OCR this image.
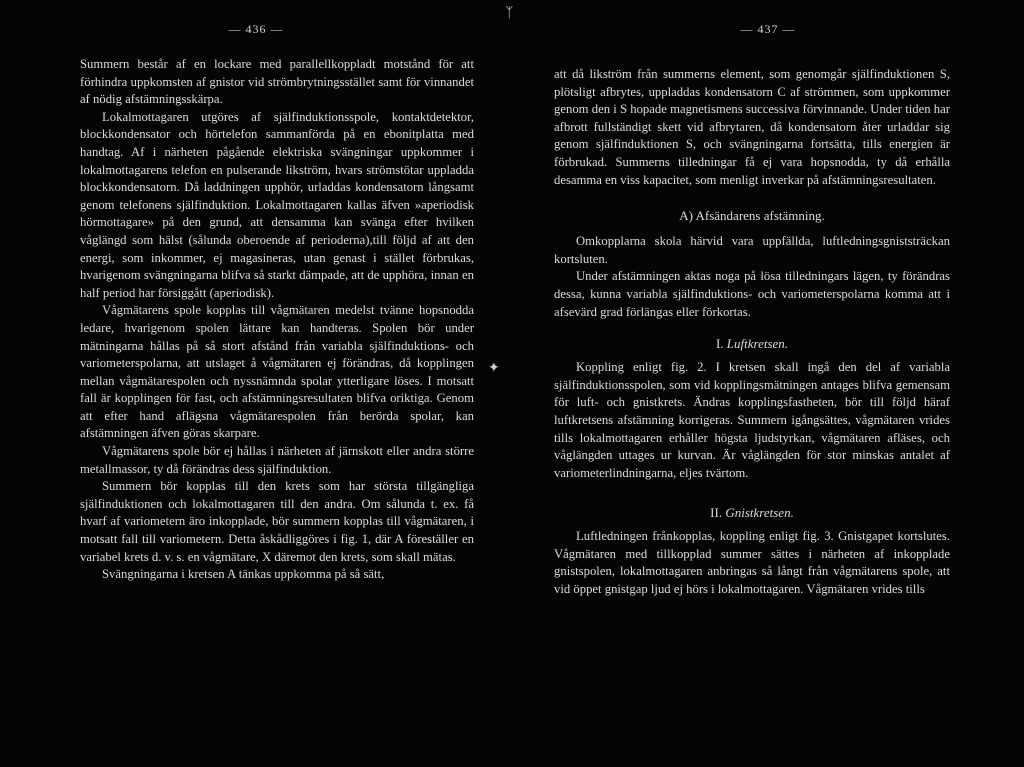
— 436 —

Summern består af en lockare med parallellkoppladt motstånd för att förhindra uppkomsten af gnistor vid strömbrytningsstället samt för vinnandet af nödig afstämningsskärpa.

Lokalmottagaren utgöres af själfinduktionsspole, kontaktdetektor, blockkondensator och hörtelefon sammanförda på en ebonitplatta med handtag. Af i närheten pågående elektriska svängningar uppkommer i lokalmottagarens telefon en pulserande likström, hvars strömstötar uppladda blockkondensatorn. Då laddningen upphör, urladdas kondensatorn långsamt genom telefonens själfinduktion. Lokalmottagaren kallas äfven »aperiodisk hörmottagare» på den grund, att densamma kan svänga efter hvilken våglängd som hälst (sålunda oberoende af perioderna),till följd af att den energi, som inkommer, ej magasineras, utan genast i stället förbrukas, hvarigenom svängningarna blifva så starkt dämpade, att de upphöra, innan en half period har försiggått (aperiodisk).

Vågmätarens spole kopplas till vågmätaren medelst tvänne hopsnodda ledare, hvarigenom spolen lättare kan handteras. Spolen bör under mätningarna hållas på så stort afstånd från variabla själfinduktions- och variometerspolarna, att utslaget å vågmätaren ej förändras, då kopplingen mellan vågmätarespolen och nyssnämnda spolar ytterligare löses. I motsatt fall är kopplingen för fast, och afstämningsresultaten blifva oriktiga. Genom att efter hand aflägsna vågmätarespolen från berörda spolar, kan afstämningen äfven göras skarpare.

Vågmätarens spole bör ej hållas i närheten af järnskott eller andra större metallmassor, ty då förändras dess själfinduktion.

Summern bör kopplas till den krets som har största tillgängliga själfinduktionen och lokalmottagaren till den andra. Om sålunda t. ex. få hvarf af variometern äro inkopplade, bör summern kopplas till vågmätaren, i motsatt fall till variometern. Detta åskådliggöres i fig. 1, där A föreställer en variabel krets d. v. s. en vågmätare, X däremot den krets, som skall mätas.

Svängningarna i kretsen A tänkas uppkomma på så sätt,

ᛉ
✦
— 437 —

att då likström från summerns element, som genomgår själfinduktionen S, plötsligt afbrytes, uppladdas kondensatorn C af strömmen, som uppkommer genom den i S hopade magnetismens successiva förvinnande. Under tiden har afbrott fullständigt skett vid afbrytaren, då kondensatorn åter urladdar sig genom själfinduktionen S, och svängningarna fortsätta, tills energien är förbrukad. Summerns tilledningar få ej vara hopsnodda, ty då erhålla desamma en viss kapacitet, som menligt inverkar på afstämningsresultaten.

A) Afsändarens afstämning.

Omkopplarna skola härvid vara uppfällda, luftledningsgniststräckan kortsluten.

Under afstämningen aktas noga på lösa tilledningars lägen, ty förändras dessa, kunna variabla själfinduktions- och variometerspolarna komma att i afsevärd grad förlängas eller förkortas.

I. Luftkretsen.

Koppling enligt fig. 2. I kretsen skall ingå den del af variabla själfinduktionsspolen, som vid kopplingsmätningen antages blifva gemensam för luft- och gnistkrets. Ändras kopplingsfastheten, bör till följd häraf luftkretsens afstämning korrigeras. Summern igångsättes, vågmätaren vrides tills lokalmottagaren erhåller högsta ljudstyrkan, vågmätaren afläses, och våglängden uttages ur kurvan. Är våglängden för stor minskas antalet af variometerlindningarna, eljes tvärtom.

II. Gnistkretsen.

Luftledningen frånkopplas, koppling enligt fig. 3. Gnistgapet kortslutes. Vågmätaren med tillkopplad summer sättes i närheten af inkopplade gnistspolen, lokalmottagaren anbringas så långt från vågmätarens spole, att vid öppet gnistgap ljud ej hörs i lokalmottagaren. Vågmätaren vrides tills
